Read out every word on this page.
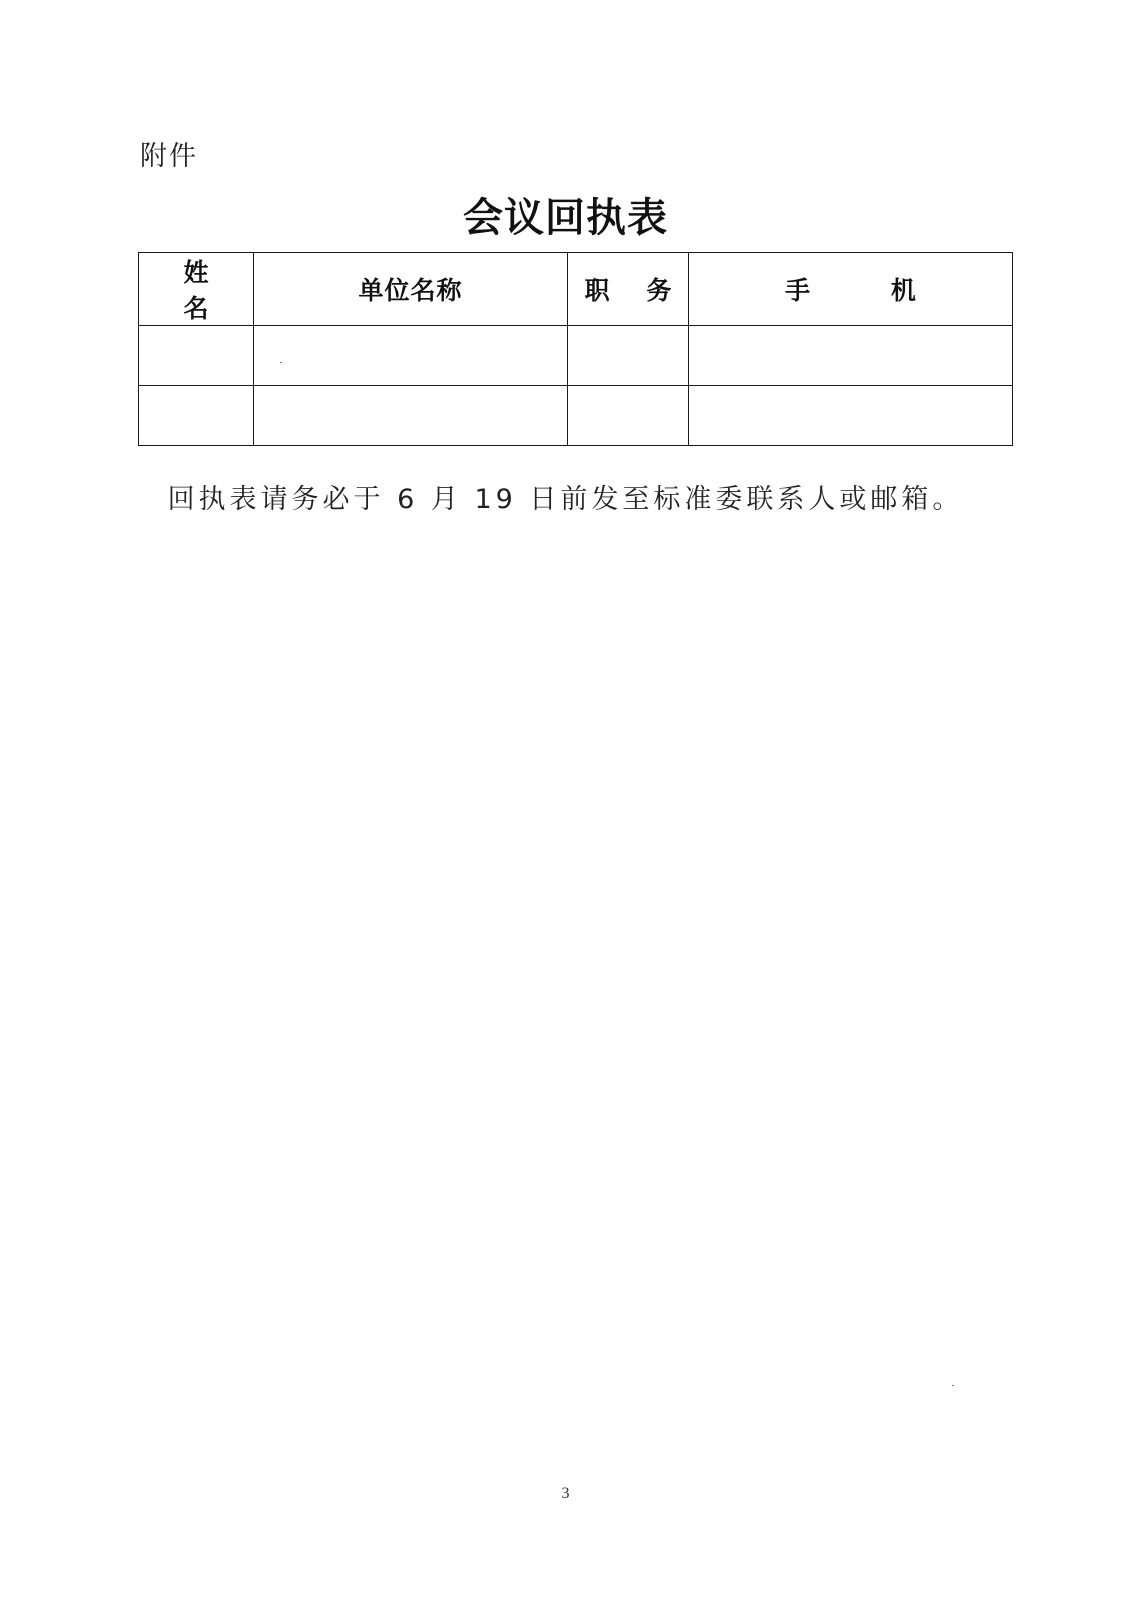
附件
会议回执表
姓 名	单位名称	职 务	手 机

回执表请务必于 6 月 19 日前发至标准委联系人或邮箱。
3
